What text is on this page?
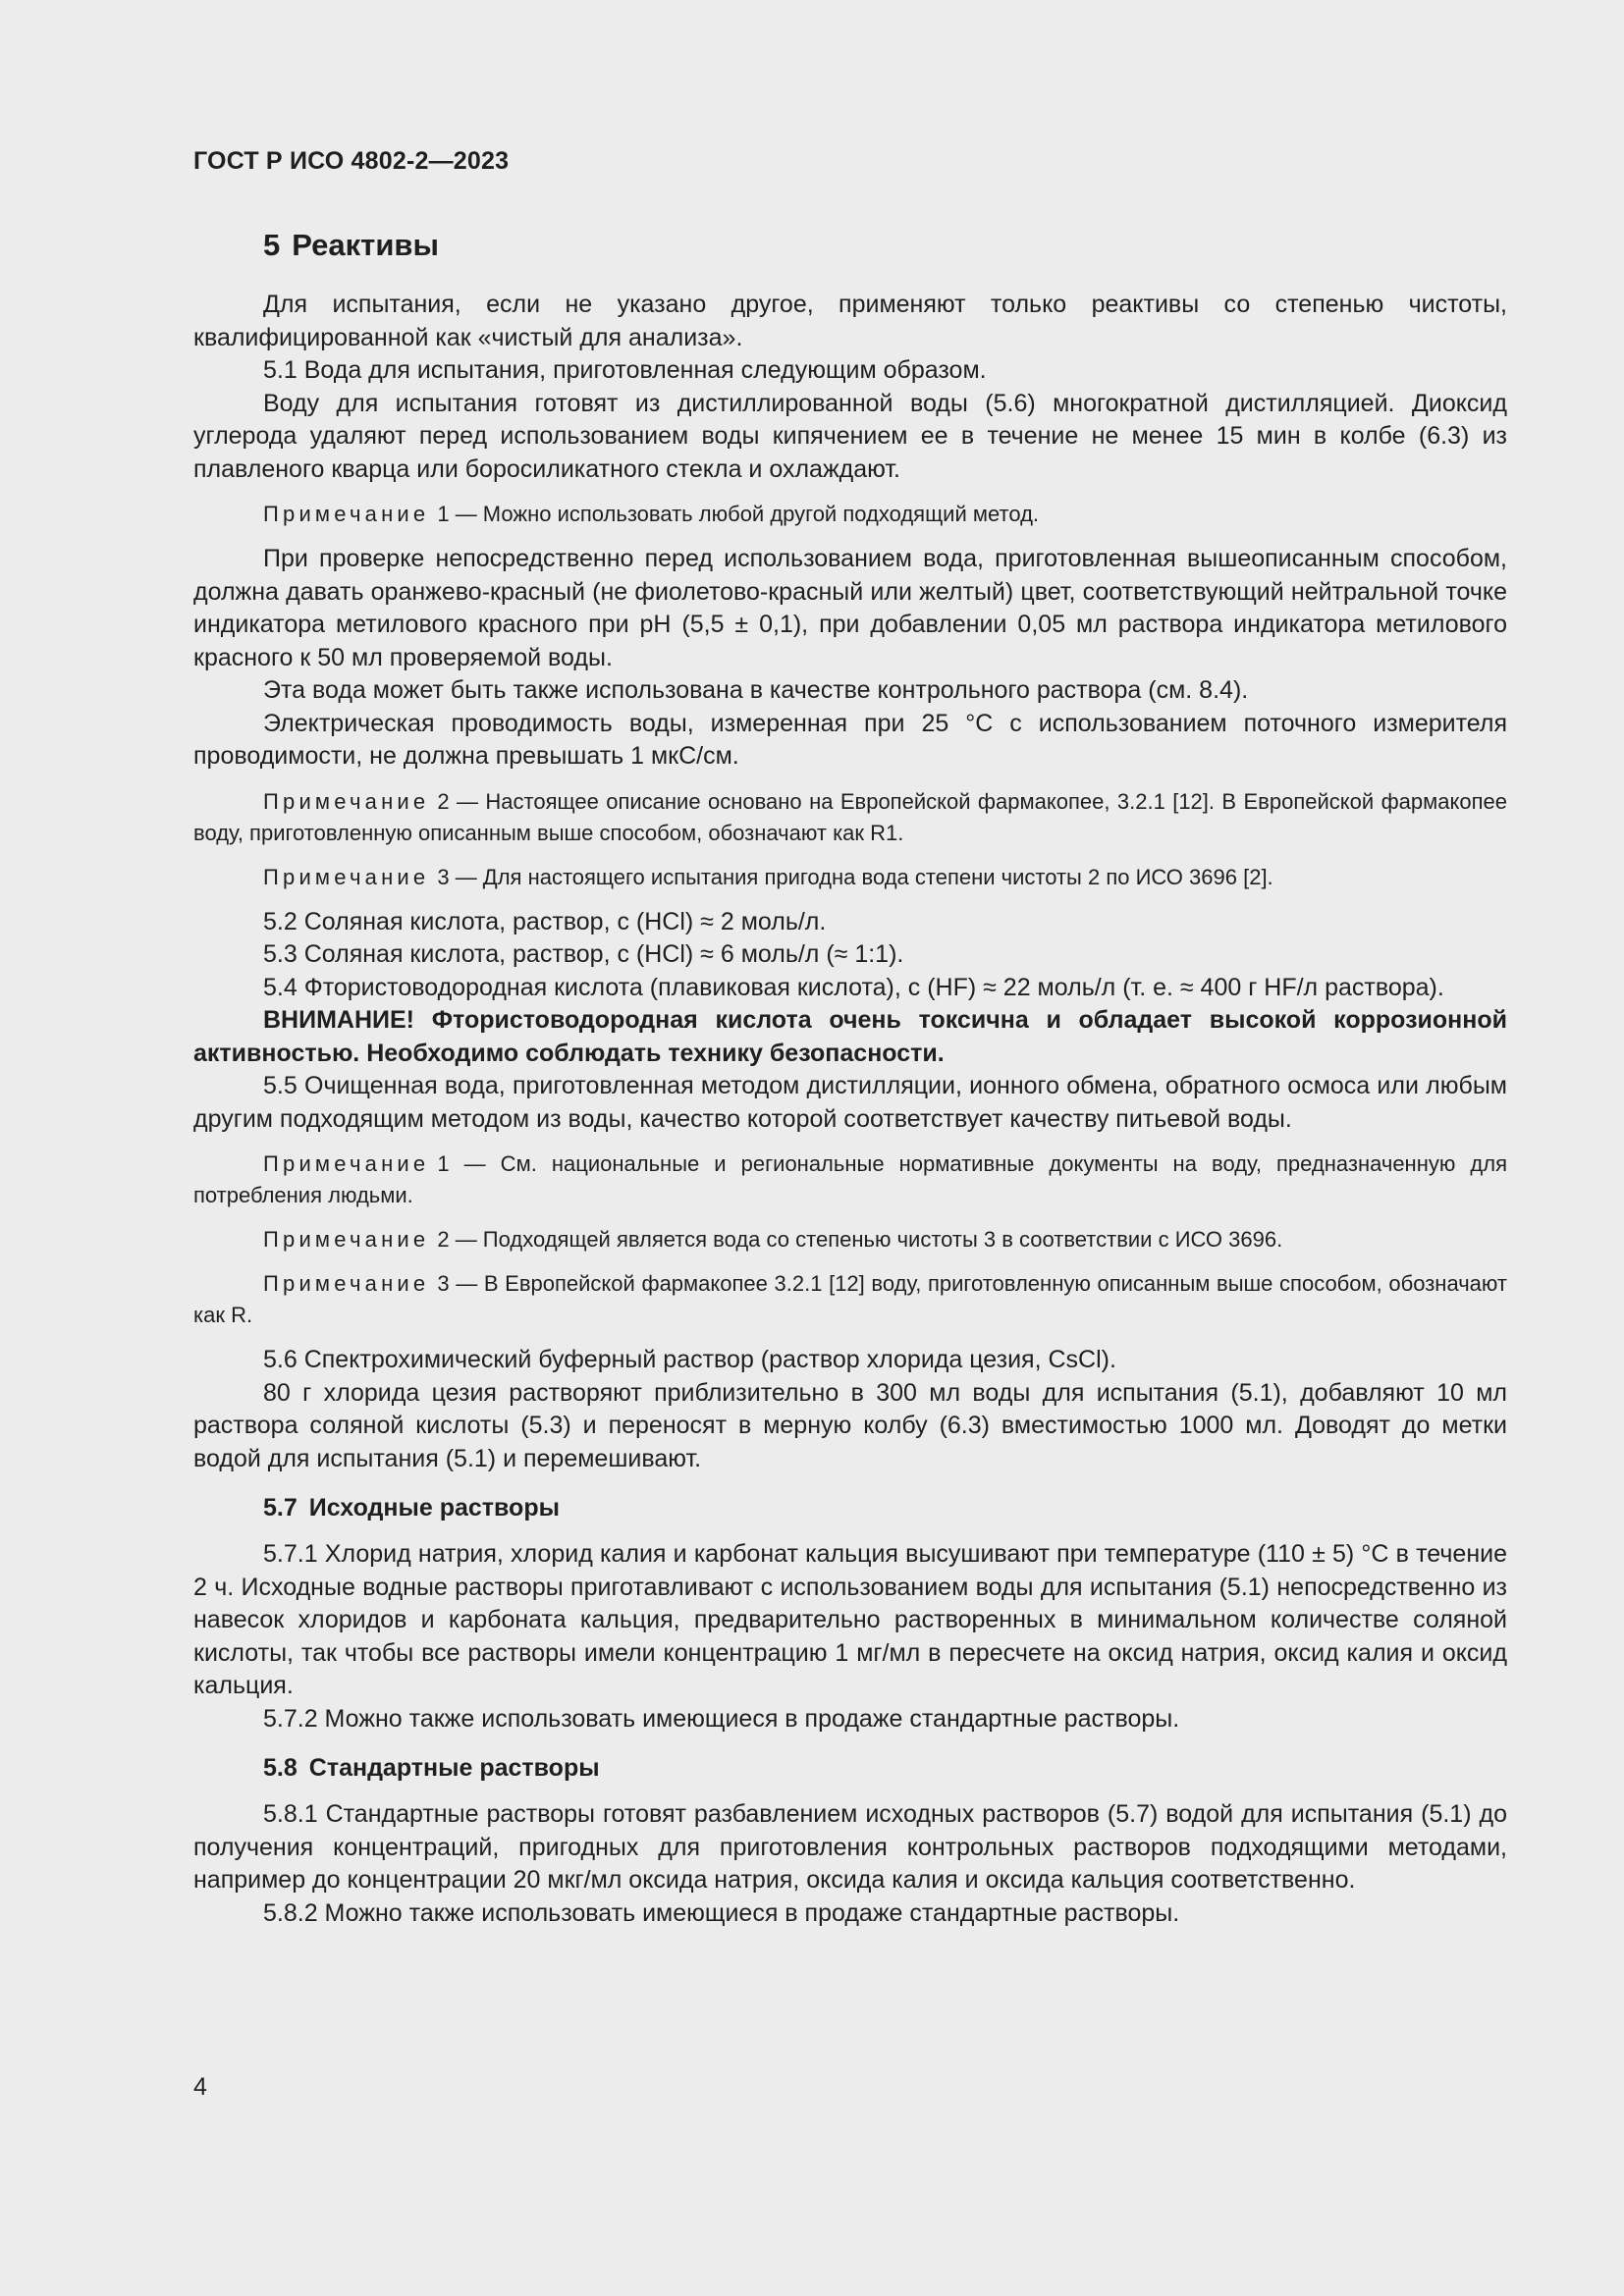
ГОСТ Р ИСО 4802-2—2023
5 Реактивы

Для испытания, если не указано другое, применяют только реактивы со степенью чистоты, квалифицированной как «чистый для анализа».

5.1 Вода для испытания, приготовленная следующим образом.

Воду для испытания готовят из дистиллированной воды (5.6) многократной дистилляцией. Диоксид углерода удаляют перед использованием воды кипячением ее в течение не менее 15 мин в колбе (6.3) из плавленого кварца или боросиликатного стекла и охлаждают.

Примечание 1 — Можно использовать любой другой подходящий метод.

При проверке непосредственно перед использованием вода, приготовленная вышеописанным способом, должна давать оранжево-красный (не фиолетово-красный или желтый) цвет, соответствующий нейтральной точке индикатора метилового красного при pH (5,5 ± 0,1), при добавлении 0,05 мл раствора индикатора метилового красного к 50 мл проверяемой воды.

Эта вода может быть также использована в качестве контрольного раствора (см. 8.4).

Электрическая проводимость воды, измеренная при 25 °С с использованием поточного измерителя проводимости, не должна превышать 1 мкС/см.

Примечание 2 — Настоящее описание основано на Европейской фармакопее, 3.2.1 [12]. В Европейской фармакопее воду, приготовленную описанным выше способом, обозначают как R1.

Примечание 3 — Для настоящего испытания пригодна вода степени чистоты 2 по ИСО 3696 [2].

5.2 Соляная кислота, раствор, c (HCl) ≈ 2 моль/л.

5.3 Соляная кислота, раствор, c (HCl) ≈ 6 моль/л (≈ 1:1).

5.4 Фтористоводородная кислота (плавиковая кислота), c (HF) ≈ 22 моль/л (т. е. ≈ 400 г HF/л раствора).

ВНИМАНИЕ! Фтористоводородная кислота очень токсична и обладает высокой коррозионной активностью. Необходимо соблюдать технику безопасности.

5.5 Очищенная вода, приготовленная методом дистилляции, ионного обмена, обратного осмоса или любым другим подходящим методом из воды, качество которой соответствует качеству питьевой воды.

Примечание 1 — См. национальные и региональные нормативные документы на воду, предназначенную для потребления людьми.

Примечание 2 — Подходящей является вода со степенью чистоты 3 в соответствии с ИСО 3696.

Примечание 3 — В Европейской фармакопее 3.2.1 [12] воду, приготовленную описанным выше способом, обозначают как R.

5.6 Спектрохимический буферный раствор (раствор хлорида цезия, CsCl).

80 г хлорида цезия растворяют приблизительно в 300 мл воды для испытания (5.1), добавляют 10 мл раствора соляной кислоты (5.3) и переносят в мерную колбу (6.3) вместимостью 1000 мл. Доводят до метки водой для испытания (5.1) и перемешивают.

5.7 Исходные растворы

5.7.1 Хлорид натрия, хлорид калия и карбонат кальция высушивают при температуре (110 ± 5) °С в течение 2 ч. Исходные водные растворы приготавливают с использованием воды для испытания (5.1) непосредственно из навесок хлоридов и карбоната кальция, предварительно растворенных в минимальном количестве соляной кислоты, так чтобы все растворы имели концентрацию 1 мг/мл в пересчете на оксид натрия, оксид калия и оксид кальция.

5.7.2 Можно также использовать имеющиеся в продаже стандартные растворы.

5.8 Стандартные растворы

5.8.1 Стандартные растворы готовят разбавлением исходных растворов (5.7) водой для испытания (5.1) до получения концентраций, пригодных для приготовления контрольных растворов подходящими методами, например до концентрации 20 мкг/мл оксида натрия, оксида калия и оксида кальция соответственно.

5.8.2 Можно также использовать имеющиеся в продаже стандартные растворы.

4
